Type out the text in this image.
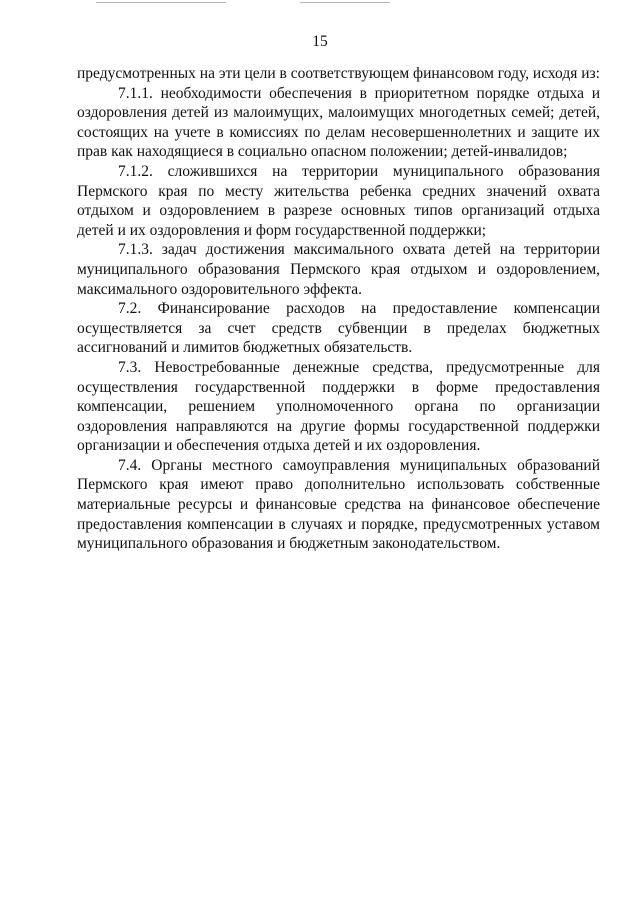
15

предусмотренных на эти цели в соответствующем финансовом году, исходя из:

7.1.1. необходимости обеспечения в приоритетном порядке отдыха и оздоровления детей из малоимущих, малоимущих многодетных семей; детей, состоящих на учете в комиссиях по делам несовершеннолетних и защите их прав как находящиеся в социально опасном положении; детей-инвалидов;

7.1.2. сложившихся на территории муниципального образования Пермского края по месту жительства ребенка средних значений охвата отдыхом и оздоровлением в разрезе основных типов организаций отдыха детей и их оздоровления и форм государственной поддержки;

7.1.3. задач достижения максимального охвата детей на территории муниципального образования Пермского края отдыхом и оздоровлением, максимального оздоровительного эффекта.

7.2. Финансирование расходов на предоставление компенсации осуществляется за счет средств субвенции в пределах бюджетных ассигнований и лимитов бюджетных обязательств.

7.3. Невостребованные денежные средства, предусмотренные для осуществления государственной поддержки в форме предоставления компенсации, решением уполномоченного органа по организации оздоровления направляются на другие формы государственной поддержки организации и обеспечения отдыха детей и их оздоровления.

7.4. Органы местного самоуправления муниципальных образований Пермского края имеют право дополнительно использовать собственные материальные ресурсы и финансовые средства на финансовое обеспечение предоставления компенсации в случаях и порядке, предусмотренных уставом муниципального образования и бюджетным законодательством.
